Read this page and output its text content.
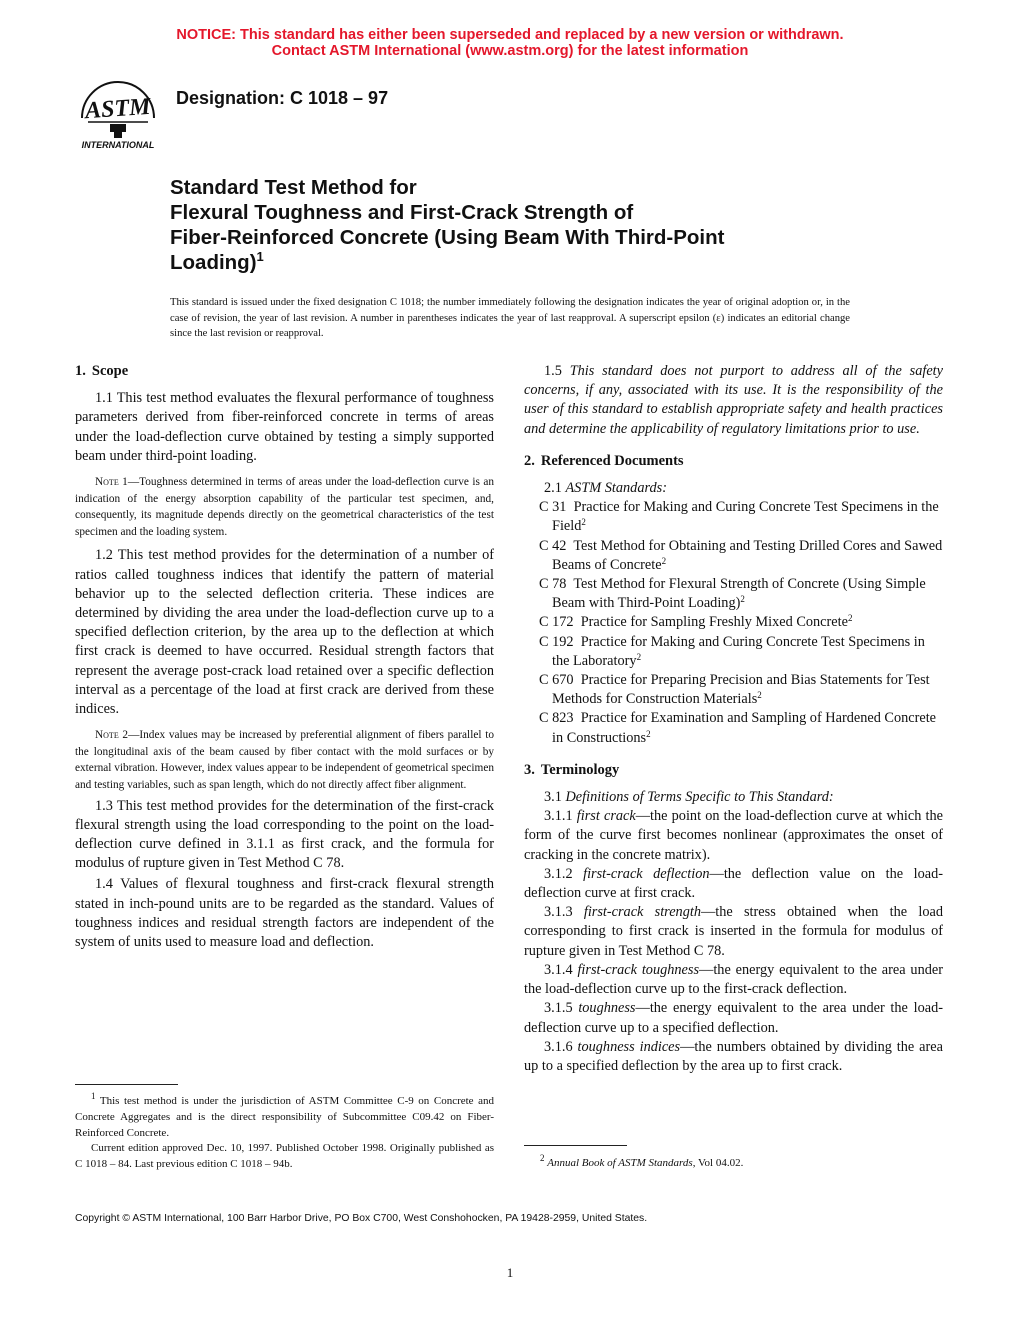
NOTICE: This standard has either been superseded and replaced by a new version or withdrawn.
Contact ASTM International (www.astm.org) for the latest information
ASTM
INTERNATIONAL
Designation: C 1018 – 97
Standard Test Method for
Flexural Toughness and First-Crack Strength of
Fiber-Reinforced Concrete (Using Beam With Third-Point
Loading)$^1$
This standard is issued under the fixed designation C 1018; the number immediately following the designation indicates the year of original adoption or, in the case of revision, the year of last revision. A number in parentheses indicates the year of last reapproval. A superscript epsilon (ε) indicates an editorial change since the last revision or reapproval.
1. Scope

1.1 This test method evaluates the flexural performance of toughness parameters derived from fiber-reinforced concrete in terms of areas under the load-deflection curve obtained by testing a simply supported beam under third-point loading.

Note 1—Toughness determined in terms of areas under the load-deflection curve is an indication of the energy absorption capability of the particular test specimen, and, consequently, its magnitude depends directly on the geometrical characteristics of the test specimen and the loading system.

1.2 This test method provides for the determination of a number of ratios called toughness indices that identify the pattern of material behavior up to the selected deflection criteria. These indices are determined by dividing the area under the load-deflection curve up to a specified deflection criterion, by the area up to the deflection at which first crack is deemed to have occurred. Residual strength factors that represent the average post-crack load retained over a specific deflection interval as a percentage of the load at first crack are derived from these indices.

Note 2—Index values may be increased by preferential alignment of fibers parallel to the longitudinal axis of the beam caused by fiber contact with the mold surfaces or by external vibration. However, index values appear to be independent of geometrical specimen and testing variables, such as span length, which do not directly affect fiber alignment.

1.3 This test method provides for the determination of the first-crack flexural strength using the load corresponding to the point on the load-deflection curve defined in 3.1.1 as first crack, and the formula for modulus of rupture given in Test Method C 78.

1.4 Values of flexural toughness and first-crack flexural strength stated in inch-pound units are to be regarded as the standard. Values of toughness indices and residual strength factors are independent of the system of units used to measure load and deflection.

1.5 This standard does not purport to address all of the safety concerns, if any, associated with its use. It is the responsibility of the user of this standard to establish appropriate safety and health practices and determine the applicability of regulatory limitations prior to use.

2. Referenced Documents

2.1 ASTM Standards:

C 31 Practice for Making and Curing Concrete Test Specimens in the Field$^2$
C 42 Test Method for Obtaining and Testing Drilled Cores and Sawed Beams of Concrete$^2$
C 78 Test Method for Flexural Strength of Concrete (Using Simple Beam with Third-Point Loading)$^2$
C 172 Practice for Sampling Freshly Mixed Concrete$^2$
C 192 Practice for Making and Curing Concrete Test Specimens in the Laboratory$^2$
C 670 Practice for Preparing Precision and Bias Statements for Test Methods for Construction Materials$^2$
C 823 Practice for Examination and Sampling of Hardened Concrete in Constructions$^2$
3. Terminology

3.1 Definitions of Terms Specific to This Standard:

3.1.1 first crack—the point on the load-deflection curve at which the form of the curve first becomes nonlinear (approximates the onset of cracking in the concrete matrix).

3.1.2 first-crack deflection—the deflection value on the load-deflection curve at first crack.

3.1.3 first-crack strength—the stress obtained when the load corresponding to first crack is inserted in the formula for modulus of rupture given in Test Method C 78.

3.1.4 first-crack toughness—the energy equivalent to the area under the load-deflection curve up to the first-crack deflection.

3.1.5 toughness—the energy equivalent to the area under the load-deflection curve up to a specified deflection.

3.1.6 toughness indices—the numbers obtained by dividing the area up to a specified deflection by the area up to first crack.

$^1$ This test method is under the jurisdiction of ASTM Committee C-9 on Concrete and Concrete Aggregates and is the direct responsibility of Subcommittee C09.42 on Fiber-Reinforced Concrete.

Current edition approved Dec. 10, 1997. Published October 1998. Originally published as C 1018 – 84. Last previous edition C 1018 – 94b.

$^2$ Annual Book of ASTM Standards, Vol 04.02.

Copyright © ASTM International, 100 Barr Harbor Drive, PO Box C700, West Conshohocken, PA 19428-2959, United States.
1
